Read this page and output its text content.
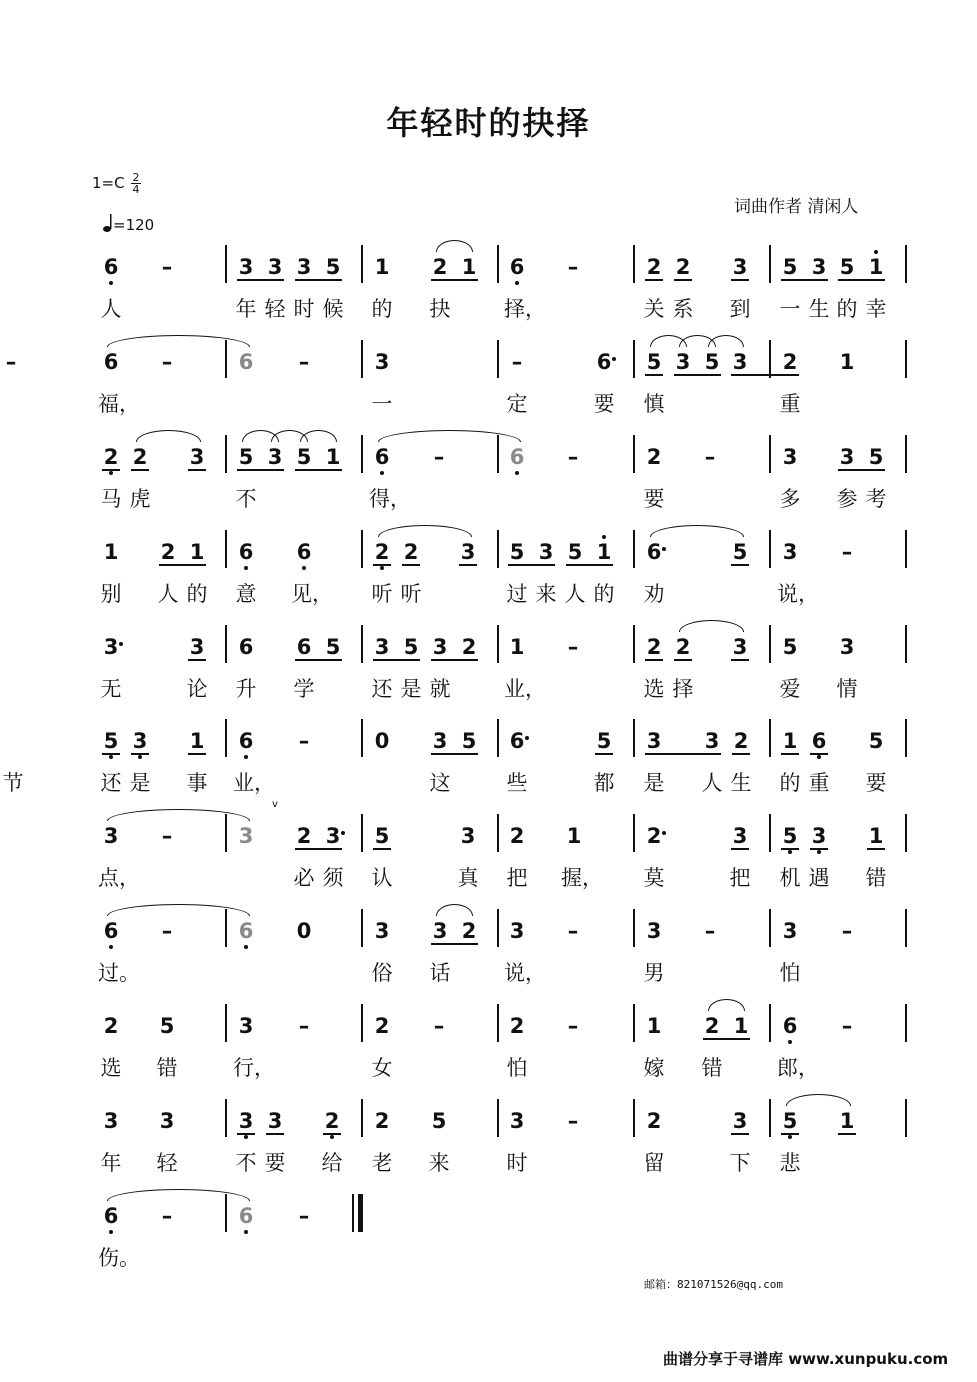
年轻时的抉择
1=C 2
4
=120
词曲作者 清闲人
6 –	3 3 3 5 1 2 1 6 –	2 2 3 5 3 5 1
人	年 轻 时 候 的 抉	择，	关 系 到 一 生 的 幸
6 –	6 –	3	–	6 5 3 5 3 2 1
–
福，	一	定	要 慎	重
2 2 3 5 3 5 1 6 –	6 –	2 –	3 3 5
马 虎	不	得，	要	多 参 考
1 2 1 6 6	2 2 3 5 3 5 1 6	5 3 –
别 人 的 意 见， 听 听	过 来 人 的 劝	说，
3	3 6 6 5 3 5 3 2 1 –	2 2 3 5 3
无	论 升 学	还 是 就	业，	选 择	爱 情
5 3 1 6 –	0 3 5 6	5 3 3 2 1 6 5
还 是 事 业，	这	些	都 是 人 生 的 重 要
节
3 –	3 2 3 5	3 2 1	2	3 5 3 1
点，	必 须 认	真 把 握， 莫	把 机 遇 错
v
6 –	6 0	3 3 2 3 –	3 –	3 –
过。	俗 话	说，	男	怕
2 5	3 –	2 –	2 –	1 2 1 6 –
选 错	行，	女	怕	嫁 错	郎，
3 3	3 3 2 2 5	3 –	2	3 5 1
年 轻	不 要 给 老 来	时	留	下 悲
6 –	6 –
伤。
邮箱：821071526@qq.com
曲谱分享于寻谱库 www.xunpuku.com
